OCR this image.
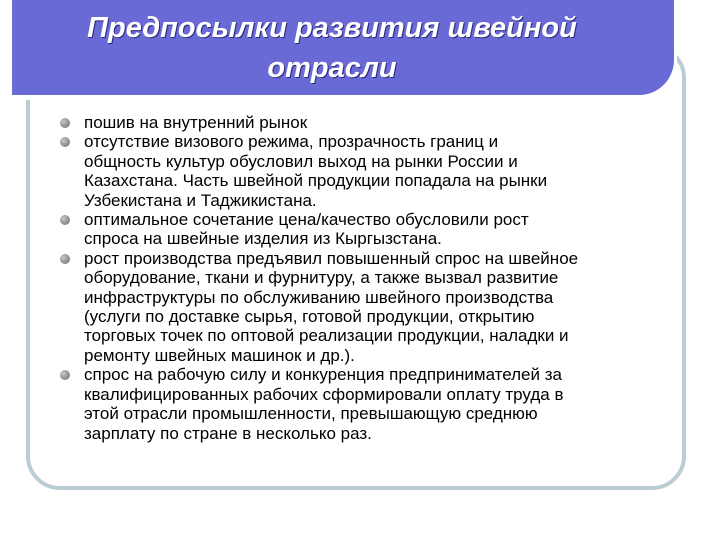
Предпосылки развития швейной
отрасли
пошив на внутренний рынок
отсутствие визового режима, прозрачность границ и
общность культур обусловил выход на рынки России и
Казахстана. Часть швейной продукции попадала на рынки
Узбекистана и Таджикистана.
оптимальное сочетание цена/качество обусловили рост
спроса на швейные изделия из Кыргызстана.
рост производства предъявил повышенный спрос на швейное
оборудование, ткани и фурнитуру, а также вызвал развитие
инфраструктуры по обслуживанию швейного производства
(услуги по доставке сырья, готовой продукции, открытию
торговых точек по оптовой реализации продукции, наладки и
ремонту швейных машинок и др.).
спрос на рабочую силу и конкуренция предпринимателей за
квалифицированных рабочих сформировали оплату труда в
этой отрасли промышленности, превышающую среднюю
зарплату по стране в несколько раз.
